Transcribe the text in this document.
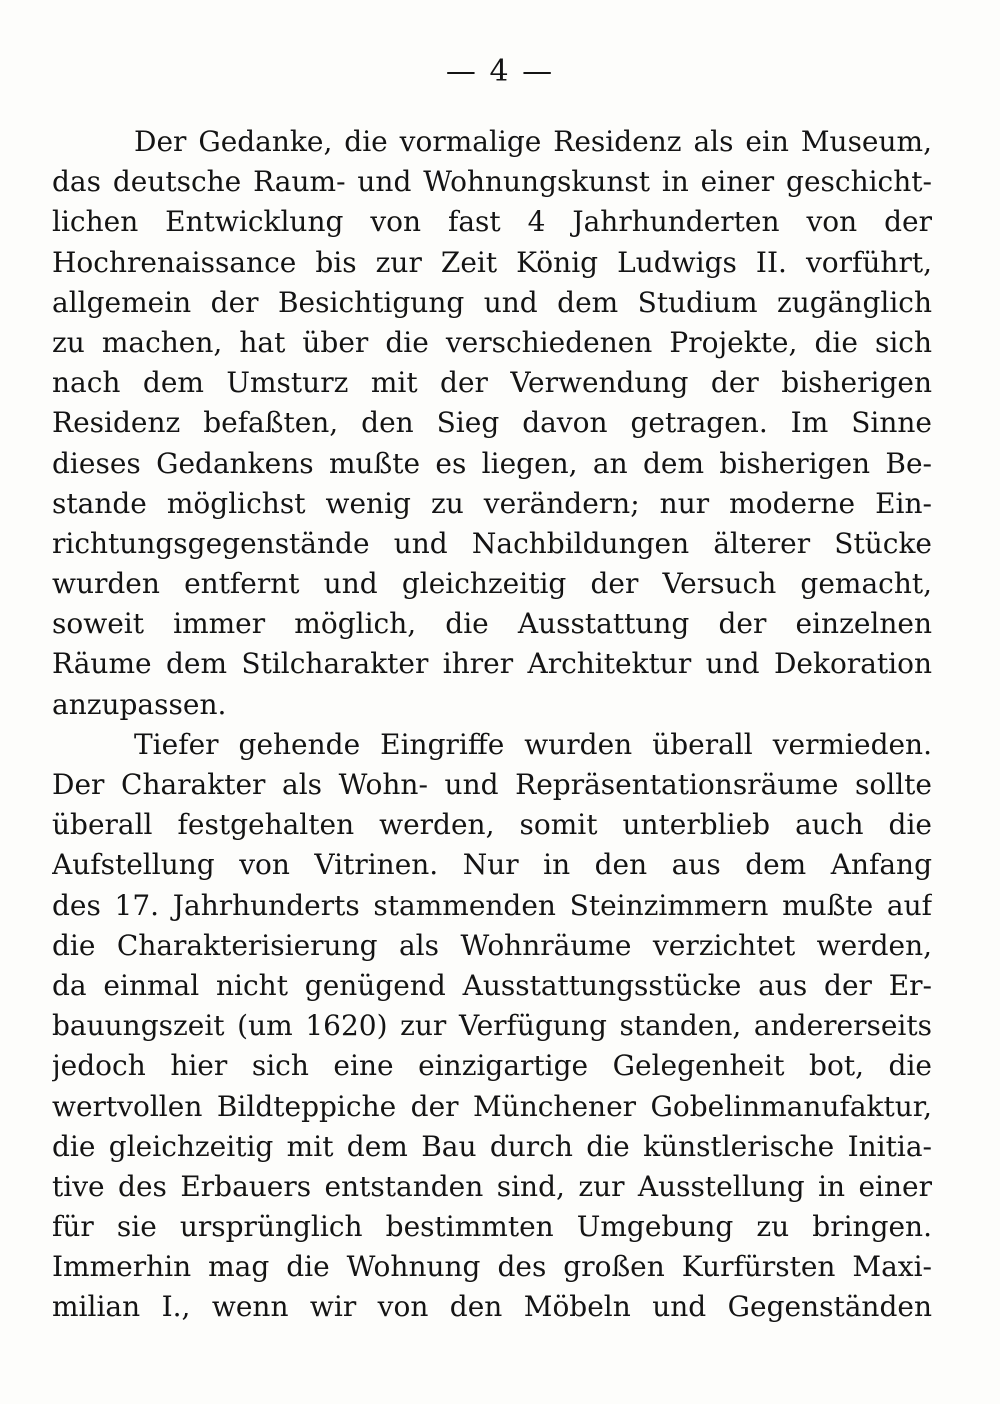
— 4 —
Der Gedanke, die vormalige Residenz als ein Museum,
das deutsche Raum- und Wohnungskunst in einer geschicht-
lichen Entwicklung von fast 4 Jahrhunderten von der
Hochrenaissance bis zur Zeit König Ludwigs II. vorführt,
allgemein der Besichtigung und dem Studium zugänglich
zu machen, hat über die verschiedenen Projekte, die sich
nach dem Umsturz mit der Verwendung der bisherigen
Residenz befaßten, den Sieg davon getragen. Im Sinne
dieses Gedankens mußte es liegen, an dem bisherigen Be-
stande möglichst wenig zu verändern; nur moderne Ein-
richtungsgegenstände und Nachbildungen älterer Stücke
wurden entfernt und gleichzeitig der Versuch gemacht,
soweit immer möglich, die Ausstattung der einzelnen
Räume dem Stilcharakter ihrer Architektur und Dekoration
anzupassen.
Tiefer gehende Eingriffe wurden überall vermieden.
Der Charakter als Wohn- und Repräsentationsräume sollte
überall festgehalten werden, somit unterblieb auch die
Aufstellung von Vitrinen. Nur in den aus dem Anfang
des 17. Jahrhunderts stammenden Steinzimmern mußte auf
die Charakterisierung als Wohnräume verzichtet werden,
da einmal nicht genügend Ausstattungsstücke aus der Er-
bauungszeit (um 1620) zur Verfügung standen, andererseits
jedoch hier sich eine einzigartige Gelegenheit bot, die
wertvollen Bildteppiche der Münchener Gobelinmanufaktur,
die gleichzeitig mit dem Bau durch die künstlerische Initia-
tive des Erbauers entstanden sind, zur Ausstellung in einer
für sie ursprünglich bestimmten Umgebung zu bringen.
Immerhin mag die Wohnung des großen Kurfürsten Maxi-
milian I., wenn wir von den Möbeln und Gegenständen
